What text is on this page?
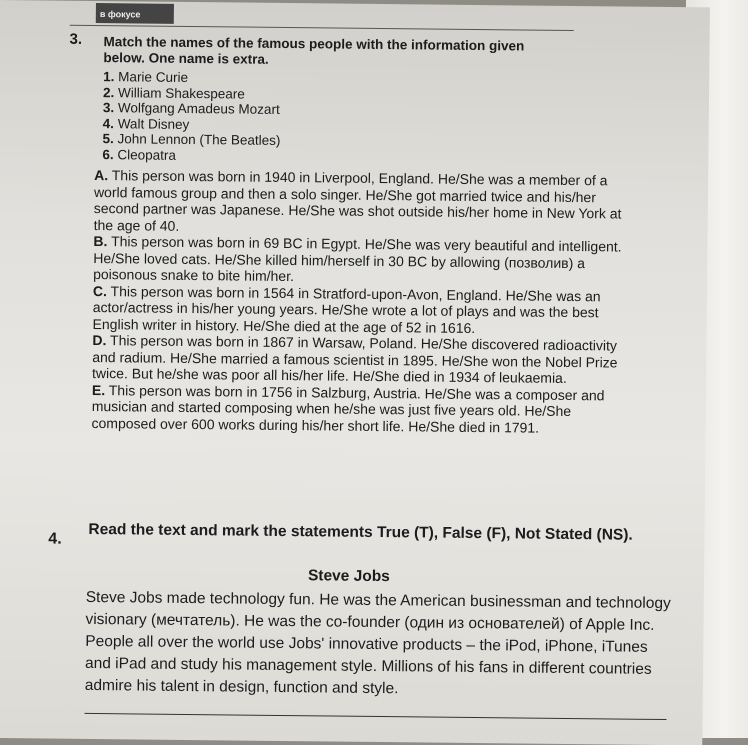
в фокусе
3. Match the names of the famous people with the information given
below. One name is extra.
1. Marie Curie
2. William Shakespeare
3. Wolfgang Amadeus Mozart
4. Walt Disney
5. John Lennon (The Beatles)
6. Cleopatra
A. This person was born in 1940 in Liverpool, England. He/She was a member of a world famous group and then a solo singer. He/She got married twice and his/her second partner was Japanese. He/She was shot outside his/her home in New York at the age of 40.
B. This person was born in 69 BC in Egypt. He/She was very beautiful and intelligent. He/She loved cats. He/She killed him/herself in 30 BC by allowing (позволив) a poisonous snake to bite him/her.
C. This person was born in 1564 in Stratford-upon-Avon, England. He/She was an actor/actress in his/her young years. He/She wrote a lot of plays and was the best English writer in history. He/She died at the age of 52 in 1616.
D. This person was born in 1867 in Warsaw, Poland. He/She discovered radioactivity and radium. He/She married a famous scientist in 1895. He/She won the Nobel Prize twice. But he/she was poor all his/her life. He/She died in 1934 of leukaemia.
E. This person was born in 1756 in Salzburg, Austria. He/She was a composer and musician and started composing when he/she was just five years old. He/She composed over 600 works during his/her short life. He/She died in 1791.
4. Read the text and mark the statements True (T), False (F), Not Stated (NS).
Steve Jobs
Steve Jobs made technology fun. He was the American businessman and technology visionary (мечтатель). He was the co-founder (один из основателей) of Apple Inc. People all over the world use Jobs' innovative products – the iPod, iPhone, iTunes and iPad and study his management style. Millions of his fans in different countries admire his talent in design, function and style.
